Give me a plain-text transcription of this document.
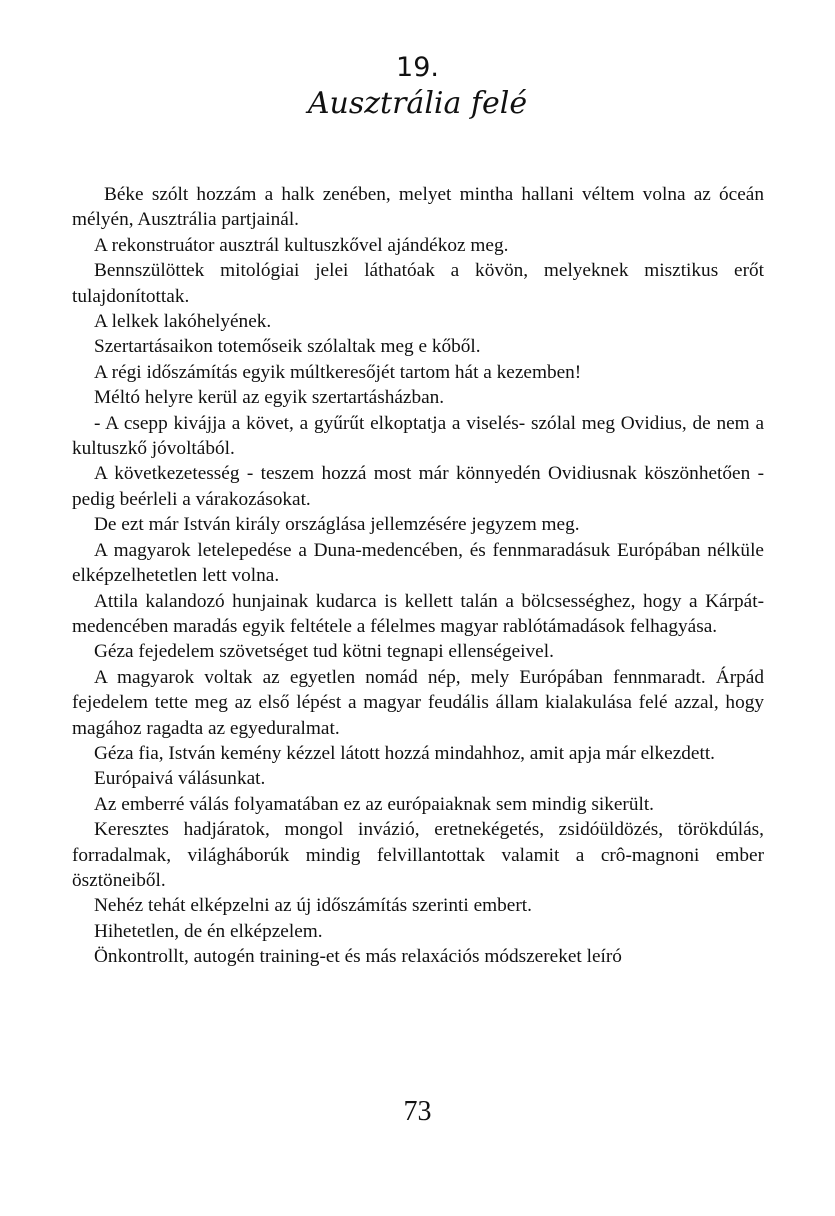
19.
Ausztrália felé

Béke szólt hozzám a halk zenében, melyet mintha hallani véltem volna az óceán mélyén, Ausztrália partjainál.

A rekonstruátor ausztrál kultuszkővel ajándékoz meg.

Bennszülöttek mitológiai jelei láthatóak a kövön, melyeknek misztikus erőt tulajdonítottak.

A lelkek lakóhelyének.

Szertartásaikon totemőseik szólaltak meg e kőből.

A régi időszámítás egyik múltkeresőjét tartom hát a kezemben!

Méltó helyre kerül az egyik szertartásházban.

- A csepp kivájja a követ, a gyűrűt elkoptatja a viselés- szólal meg Ovidius, de nem a kultuszkő jóvoltából.

A következetesség - teszem hozzá most már könnyedén Ovidiusnak köszönhetően - pedig beérleli a várakozásokat.

De ezt már István király országlása jellemzésére jegyzem meg.

A magyarok letelepedése a Duna-medencében, és fennmaradásuk Európában nélküle elképzelhetetlen lett volna.

Attila kalandozó hunjainak kudarca is kellett talán a bölcsességhez, hogy a Kárpát-medencében maradás egyik feltétele a félelmes magyar rablótámadások felhagyása.

Géza fejedelem szövetséget tud kötni tegnapi ellenségeivel.

A magyarok voltak az egyetlen nomád nép, mely Európában fennmaradt. Árpád fejedelem tette meg az első lépést a magyar feudális állam kialakulása felé azzal, hogy magához ragadta az egyeduralmat.

Géza fia, István kemény kézzel látott hozzá mindahhoz, amit apja már elkezdett.

Európaivá válásunkat.

Az emberré válás folyamatában ez az európaiaknak sem mindig sikerült.

Keresztes hadjáratok, mongol invázió, eretnekégetés, zsidóüldözés, törökdúlás, forradalmak, világháborúk mindig felvillantottak valamit a crô-magnoni ember ösztöneiből.

Nehéz tehát elképzelni az új időszámítás szerinti embert.

Hihetetlen, de én elképzelem.

Önkontrollt, autogén training-et és más relaxációs módszereket leíró

73
